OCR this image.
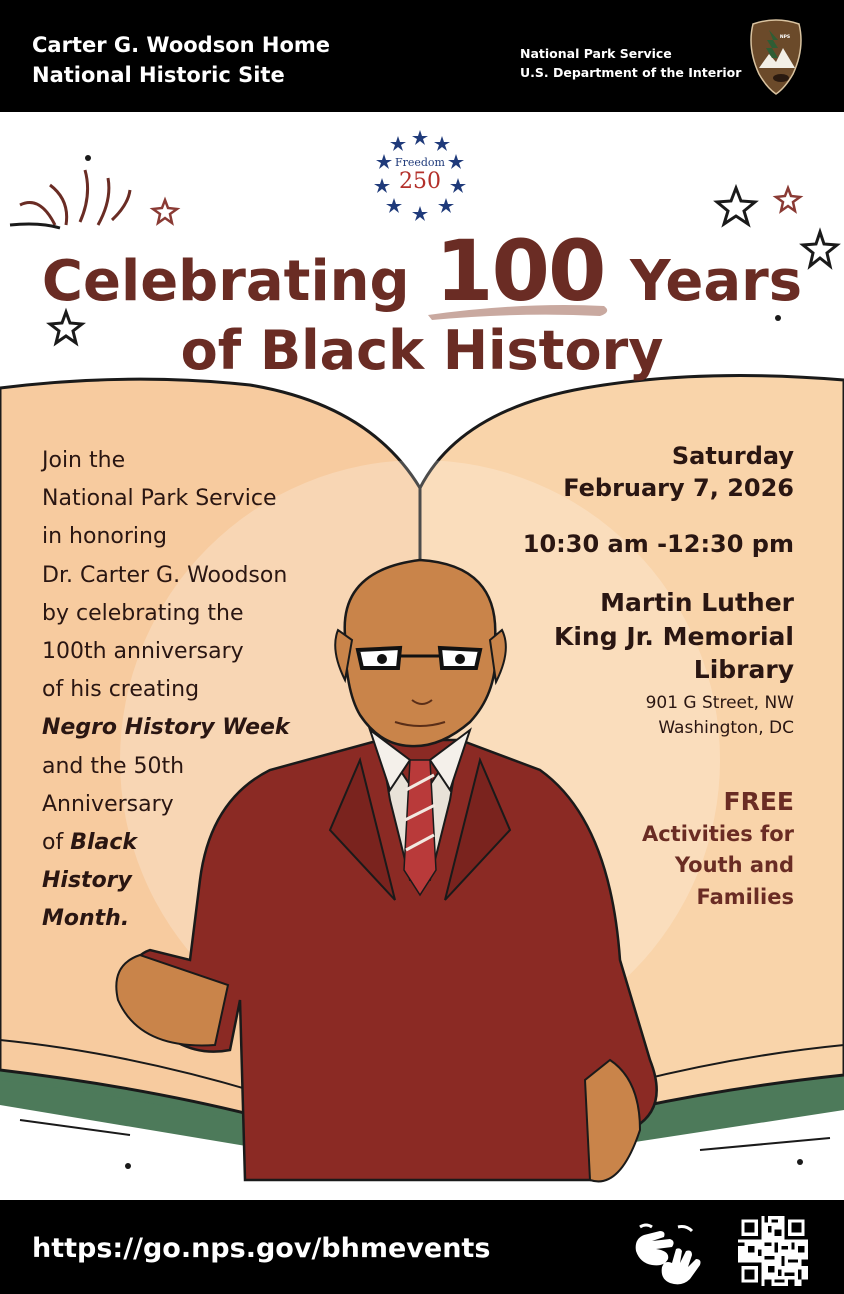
Carter G. Woodson Home
National Historic Site
National Park Service
U.S. Department of the Interior
NPS
Freedom
250
Celebrating 100 Years
of Black History
Join the
National Park Service
in honoring
Dr. Carter G. Woodson
by celebrating the
100th anniversary
of his creating
Negro History Week
and the 50th
Anniversary
of Black
History
Month.
Saturday
February 7, 2026
10:30 am -12:30 pm
Martin Luther
King Jr. Memorial
Library
901 G Street, NW
Washington, DC
FREE
Activities for
Youth and
Families
https://go.nps.gov/bhmevents
